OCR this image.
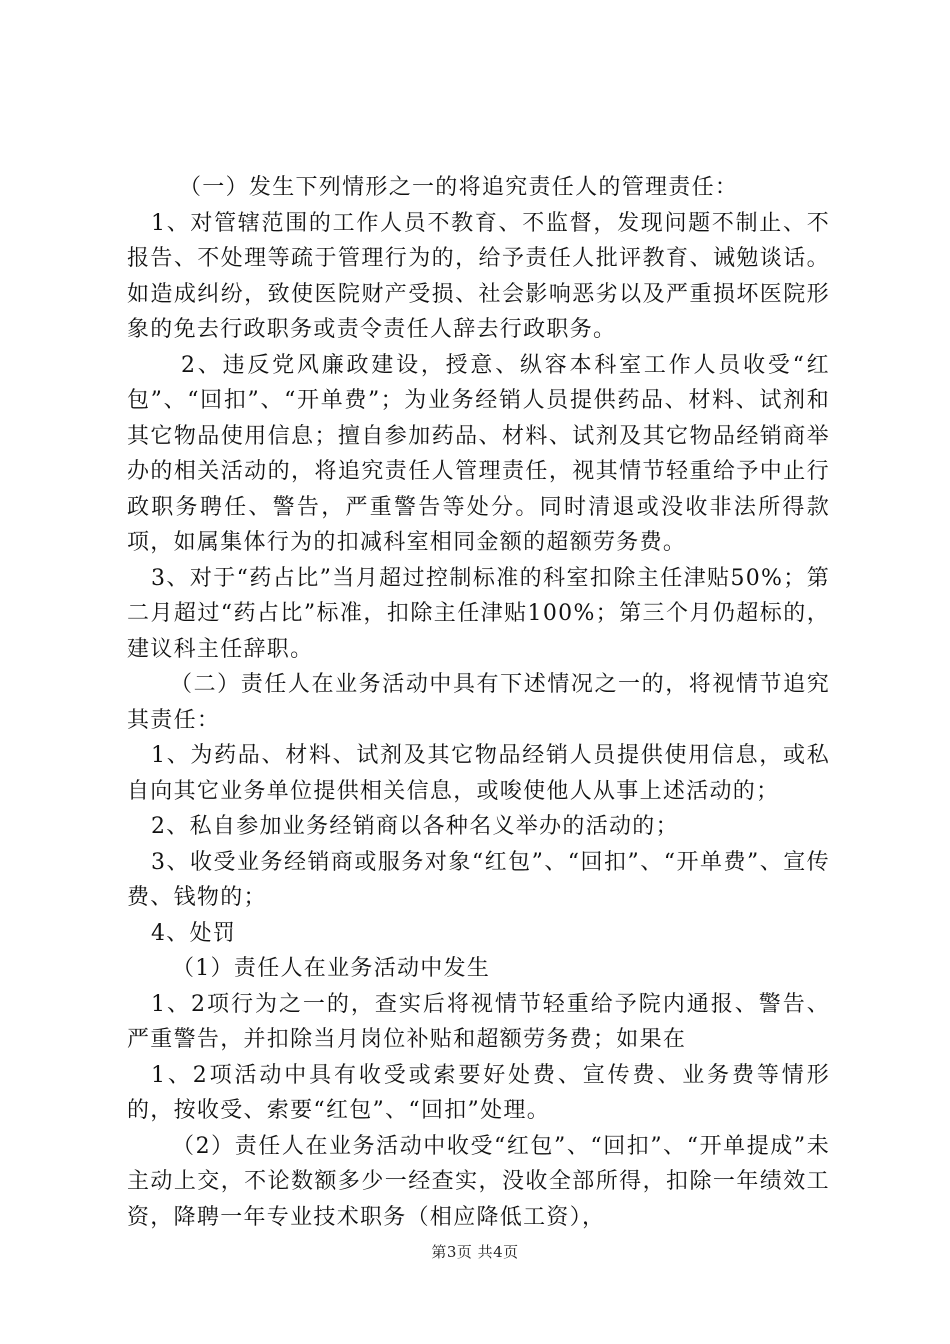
（一）发生下列情形之一的将追究责任人的管理责任：

1、对管辖范围的工作人员不教育、不监督，发现问题不制止、不报告、不处理等疏于管理行为的，给予责任人批评教育、诫勉谈话。如造成纠纷，致使医院财产受损、社会影响恶劣以及严重损坏医院形象的免去行政职务或责令责任人辞去行政职务。

2、违反党风廉政建设，授意、纵容本科室工作人员收受“红包”、“回扣”、“开单费”；为业务经销人员提供药品、材料、试剂和其它物品使用信息；擅自参加药品、材料、试剂及其它物品经销商举办的相关活动的，将追究责任人管理责任，视其情节轻重给予中止行政职务聘任、警告，严重警告等处分。同时清退或没收非法所得款项，如属集体行为的扣减科室相同金额的超额劳务费。

3、对于“药占比”当月超过控制标准的科室扣除主任津贴50%；第二月超过“药占比”标准，扣除主任津贴100%；第三个月仍超标的，建议科主任辞职。

（二）责任人在业务活动中具有下述情况之一的，将视情节追究其责任：

1、为药品、材料、试剂及其它物品经销人员提供使用信息，或私自向其它业务单位提供相关信息，或唆使他人从事上述活动的；

2、私自参加业务经销商以各种名义举办的活动的；

3、收受业务经销商或服务对象“红包”、“回扣”、“开单费”、宣传费、钱物的；

4、处罚

（1）责任人在业务活动中发生

1、2项行为之一的，查实后将视情节轻重给予院内通报、警告、严重警告，并扣除当月岗位补贴和超额劳务费；如果在

1、2项活动中具有收受或索要好处费、宣传费、业务费等情形的，按收受、索要“红包”、“回扣”处理。

（2）责任人在业务活动中收受“红包”、“回扣”、“开单提成”未主动上交，不论数额多少一经查实，没收全部所得，扣除一年绩效工资，降聘一年专业技术职务（相应降低工资），

第3页 共4页
